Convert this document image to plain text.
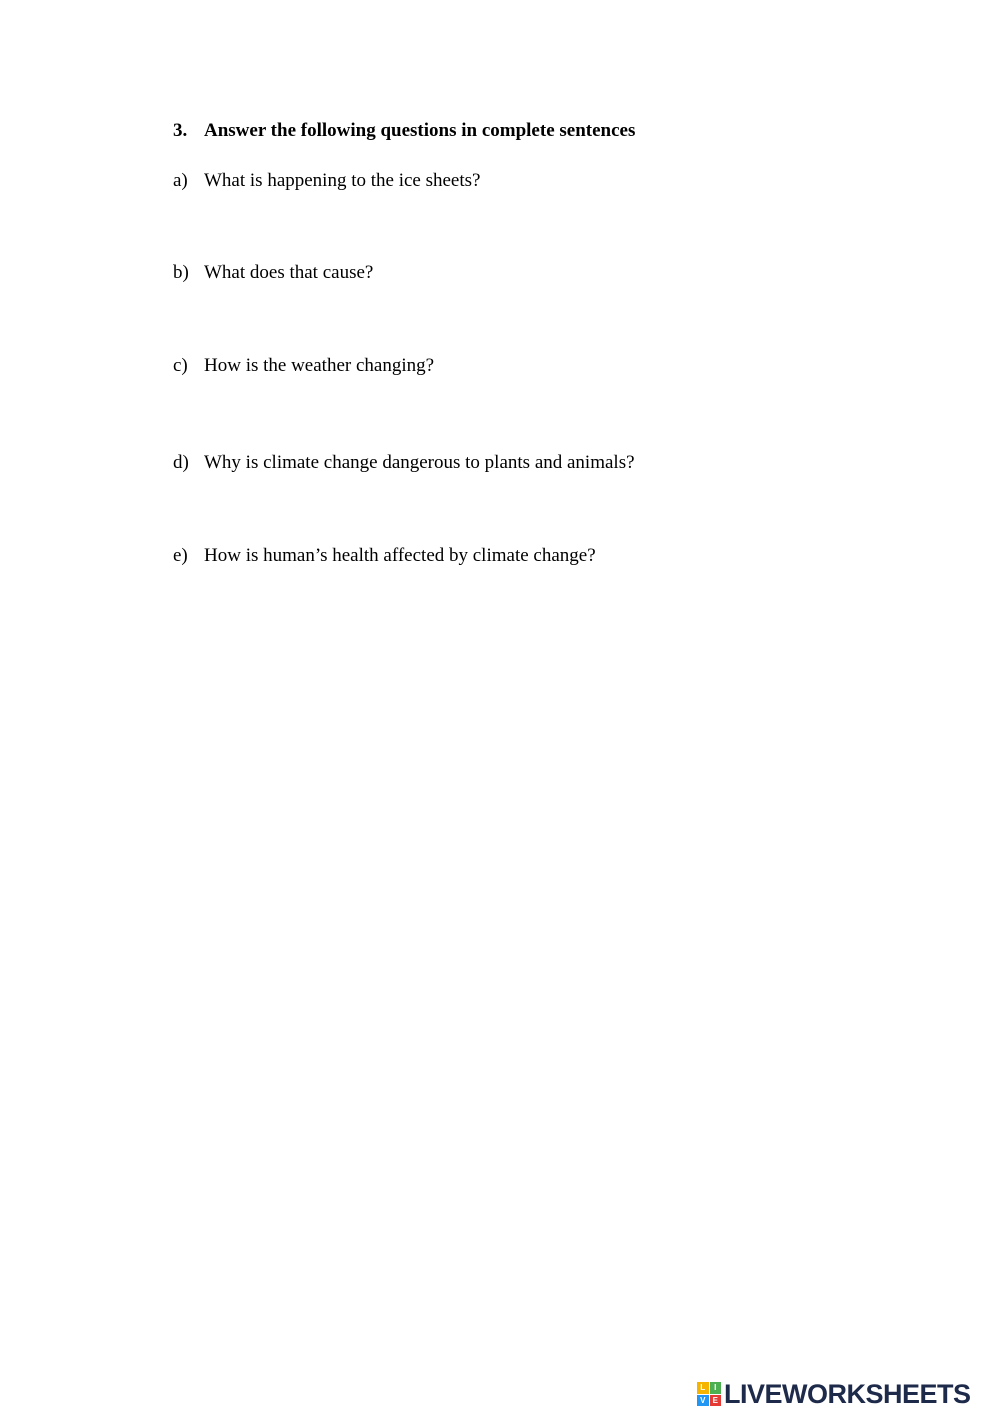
3. Answer the following questions in complete sentences
a) What is happening to the ice sheets?
b) What does that cause?
c) How is the weather changing?
d) Why is climate change dangerous to plants and animals?
e) How is human’s health affected by climate change?
L	I
V E LIVEWORKSHEETS
